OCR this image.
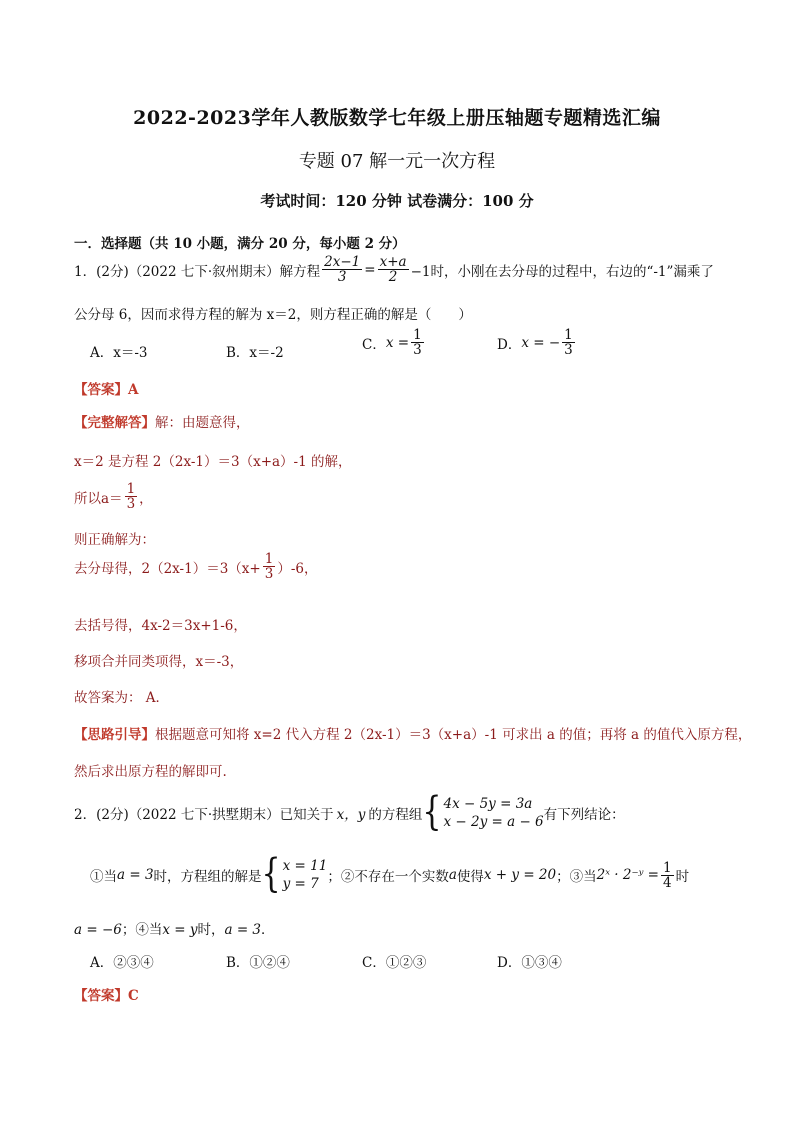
2022-2023学年人教版数学七年级上册压轴题专题精选汇编
专题 07 解一元一次方程
考试时间：120 分钟 试卷满分：100 分
一．选择题（共 10 小题，满分 20 分，每小题 2 分）
1．(2分)（2022 七下·叙州期末）解方程 $\frac{2x-1}{3} = \frac{x+a}{2} -1$时，小刚在去分母的过程中，右边的“-1”漏乘了
公分母 6，因而求得方程的解为 x＝2，则方程正确的解是（　　）
A．x＝-3	B．x＝-2
C． $x = \frac{1}{3}$	D． x = − $\frac{1}{3}$
【答案】A
【完整解答】解：由题意得，
x＝2 是方程 2（2x-1）＝3（x+a）-1 的解，
所以$a= \frac{1}{3}$ ，
则正确解为：
去分母得，$2(2x-1)=3(x+ \frac{1}{3} )-6$，
去括号得，4x-2＝3x+1-6，
移项合并同类项得，x＝-3，
故答案为： A．
【思路引导】根据题意可知将 x=2 代入方程 2（2x-1）＝3（x+a）-1 可求出 a 的值；再将 a 的值代入原方程，
然后求出原方程的解即可.
2．(2分)（2022 七下·拱墅期末）已知关于 x，y 的方程组 { 4x − 5y = 3a
x − 2y = a − 6 有下列结论：
①当 a = 3 时，方程组的解是 { x = 11
y = 7 ；②不存在一个实数 a 使得 x + y = 20 ；③当 2ˣ · 2⁻ʸ = $\frac{1}{4}$ 时
a = −6；④当x = y时，a = 3．
A．②③④	B．①②④	C．①②③	D．①③④
【答案】C
